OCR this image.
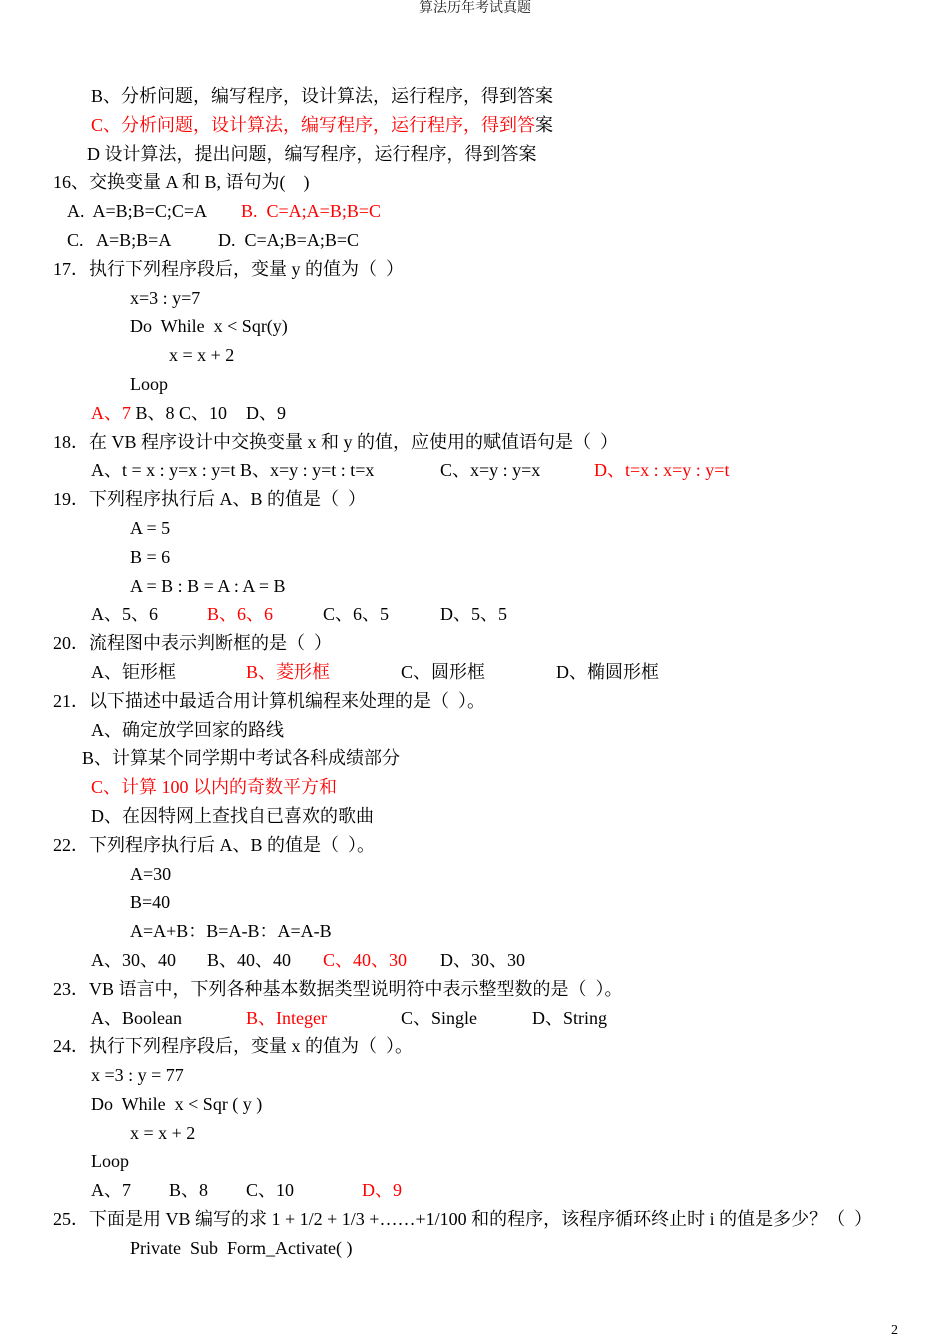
算法历年考试真题
B、分析问题，编写程序，设计算法，运行程序，得到答案
C、分析问题，设计算法，编写程序，运行程序，得到答案
D 设计算法，提出问题，编写程序，运行程序，得到答案
16、交换变量 A 和 B, 语句为(    )
A.  A=B;B=C;C=A B.  C=A;A=B;B=C
C.   A=B;B=A	D.  C=A;B=A;B=C
17．执行下列程序段后，变量 y 的值为（  ）
x=3 : y=7
Do  While  x < Sqr(y)
x = x + 2
Loop
A、7 B、8 C、10 D、9
18．在 VB 程序设计中交换变量 x 和 y 的值，应使用的赋值语句是（  ）
A、t = x : y=x : y=t B、x=y : y=t : t=x	C、x=y : y=x	D、t=x : x=y : y=t
19．下列程序执行后 A、B 的值是（  ）
A = 5
B = 6
A = B : B = A : A = B
A、5、6	B、6、6	C、6、5	D、5、5
20．流程图中表示判断框的是（  ）
A、钜形框	B、菱形框	C、圆形框	D、椭圆形框
21．以下描述中最适合用计算机编程来处理的是（  ）。
A、确定放学回家的路线
B、计算某个同学期中考试各科成绩部分
C、计算 100 以内的奇数平方和
D、在因特网上查找自已喜欢的歌曲
22．下列程序执行后 A、B 的值是（  ）。
A=30
B=40
A=A+B：B=A-B：A=A-B
A、30、40 B、40、40 C、40、30 D、30、30
23．VB 语言中，下列各种基本数据类型说明符中表示整型数的是（  ）。
A、Boolean	B、Integer	C、Single	D、String
24．执行下列程序段后，变量 x 的值为（  ）。
x =3 : y = 77
Do  While  x < Sqr ( y )
x = x + 2
Loop
A、7 B、8 C、10	D、9
25．下面是用 VB 编写的求 1 + 1/2 + 1/3 +……+1/100 和的程序，该程序循环终止时 i 的值是多少？（  ）
Private  Sub  Form_Activate( )
2
